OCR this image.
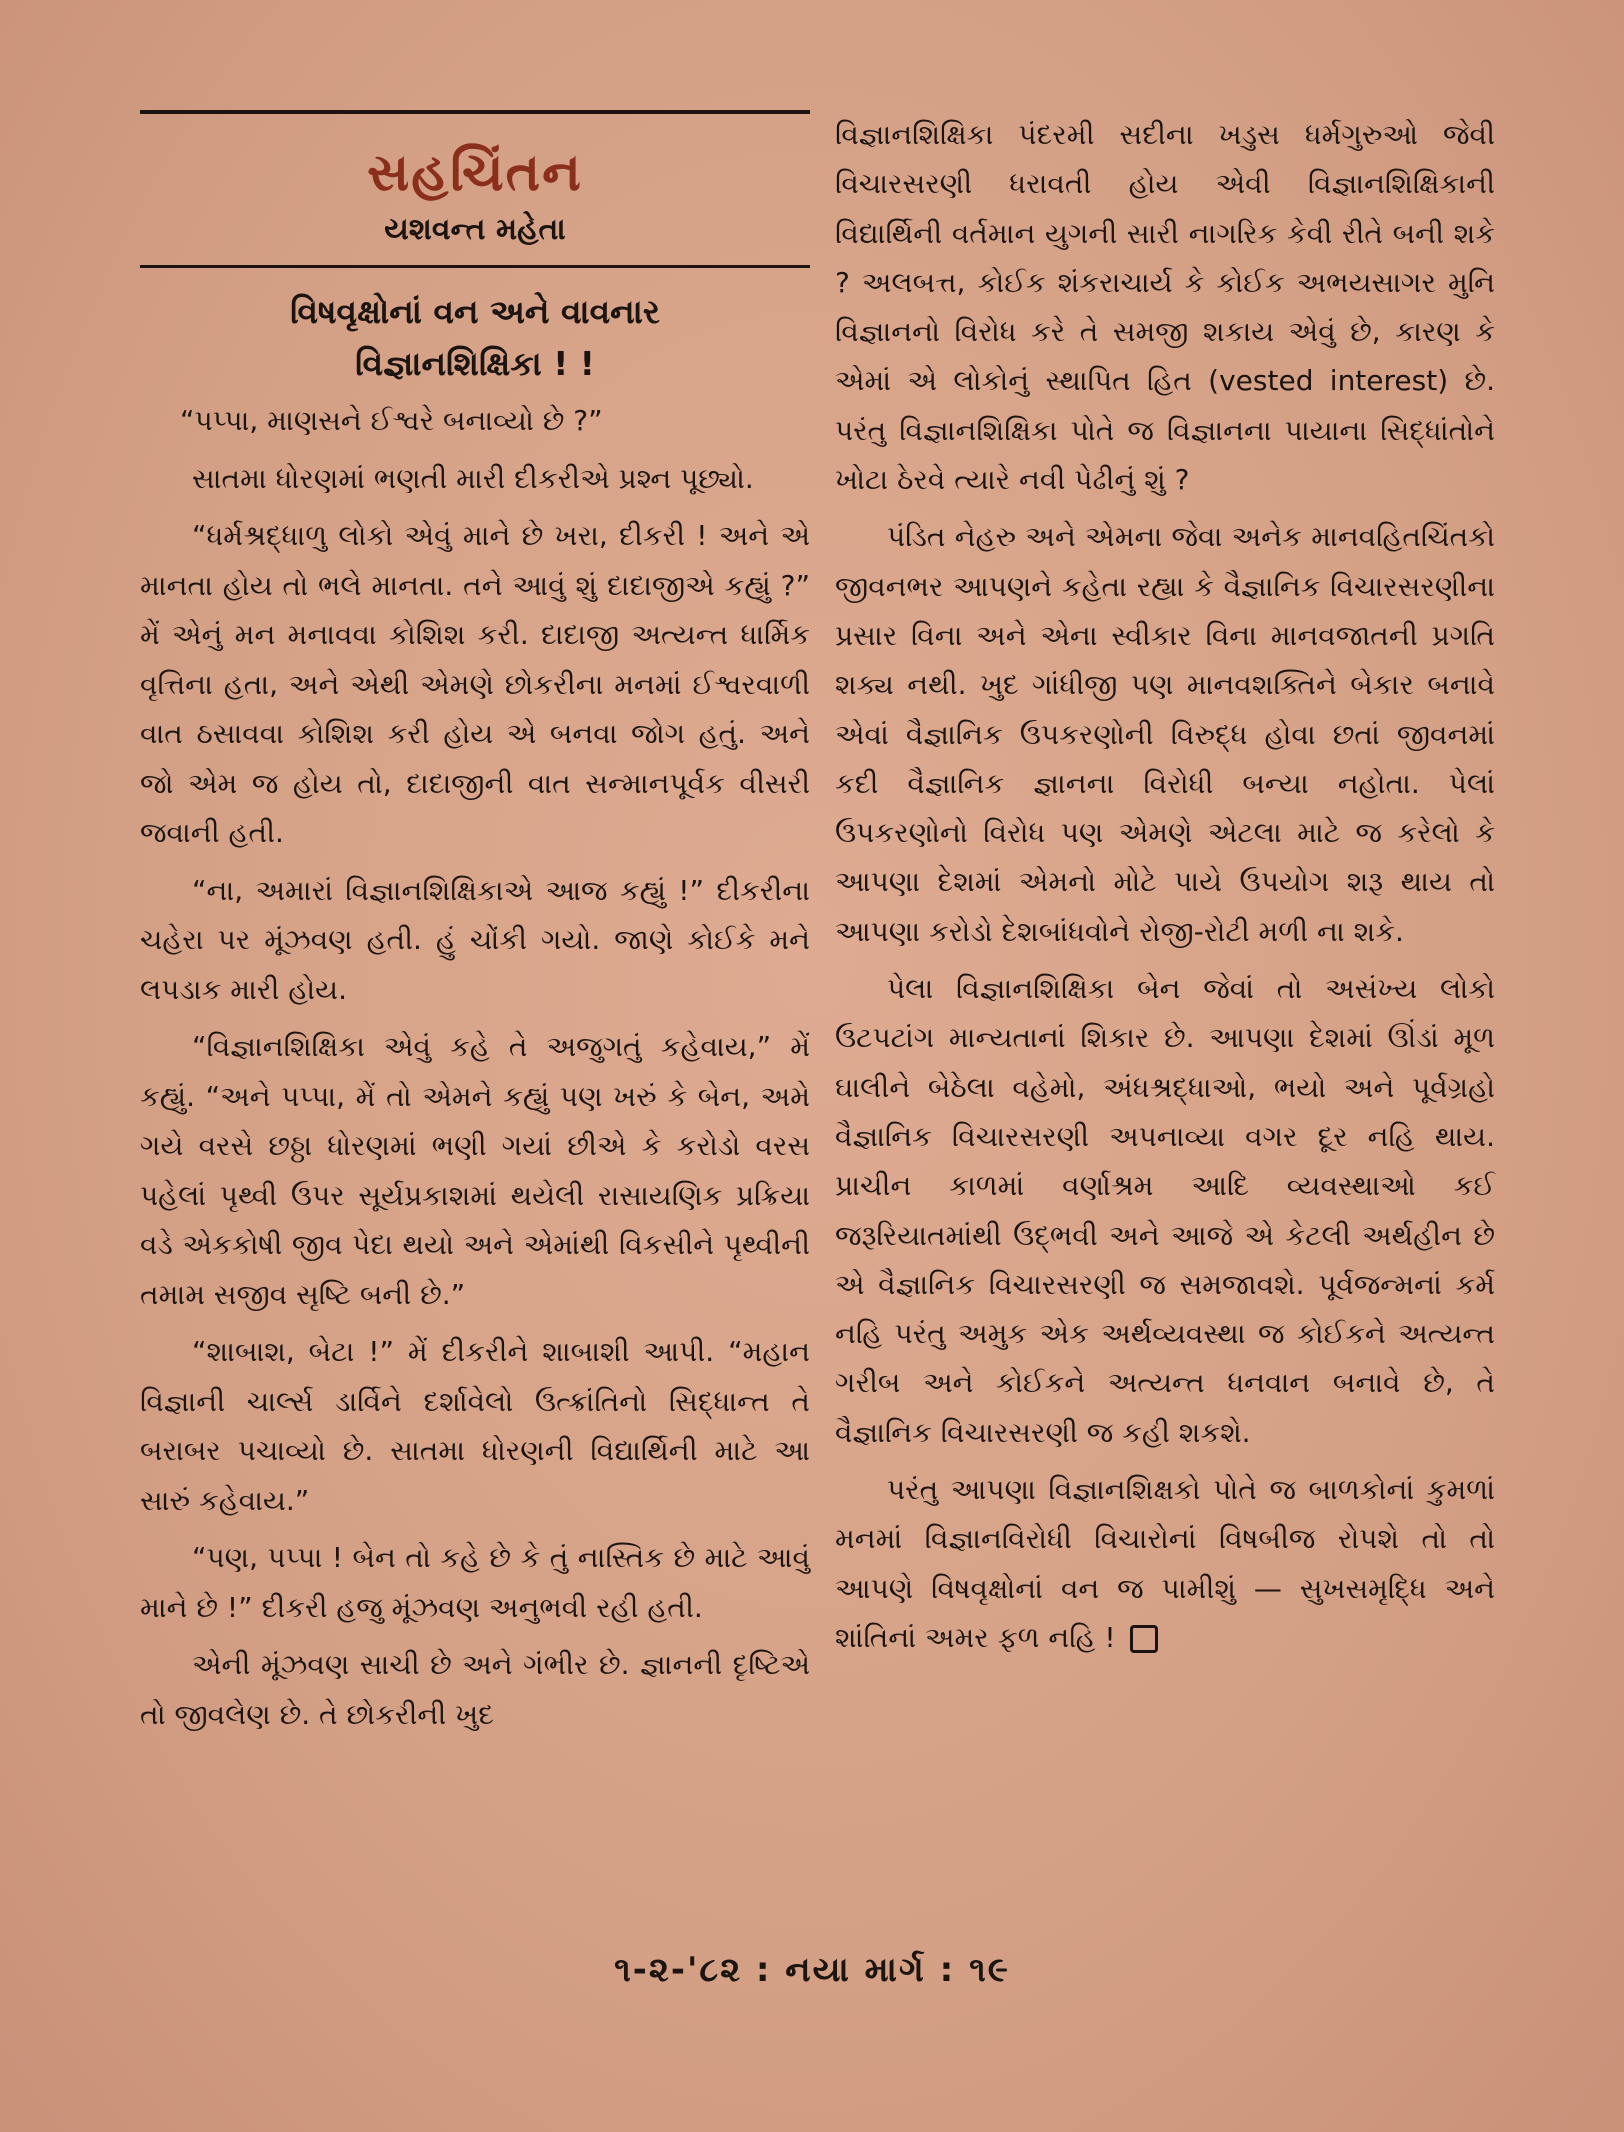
સહચિંતન
યશવન્ત મહેતા
વિષવૃક્ષોનાં વન અને વાવનાર
વિજ્ઞાનશિક્ષિકા ! !

“પપ્પા, માણસને ઈશ્વરે બનાવ્યો છે ?”

સાતમા ધોરણમાં ભણતી મારી દીકરીએ પ્રશ્ન પૂછ્યો.

“ધર્મશ્રદ્ધાળુ લોકો એવું માને છે ખરા, દીકરી ! અને એ માનતા હોય તો ભલે માનતા. તને આવું શું દાદાજીએ કહ્યું ?” મેં એનું મન મનાવવા કોશિશ કરી. દાદાજી અત્યન્ત ધાર્મિક વૃત્તિના હતા, અને એથી એમણે છોકરીના મનમાં ઈશ્વરવાળી વાત ઠસાવવા કોશિશ કરી હોય એ બનવા જોગ હતું. અને જો એમ જ હોય તો, દાદાજીની વાત સન્માનપૂર્વક વીસરી જવાની હતી.

“ના, અમારાં વિજ્ઞાનશિક્ષિકાએ આજ કહ્યું !” દીકરીના ચહેરા પર મૂંઝવણ હતી. હું ચોંકી ગયો. જાણે કોઈકે મને લપડાક મારી હોય.

“વિજ્ઞાનશિક્ષિકા એવું કહે તે અજુગતું કહેવાય,” મેં કહ્યું. “અને પપ્પા, મેં તો એમને કહ્યું પણ ખરું કે બેન, અમે ગયે વરસે છઠ્ઠા ધોરણમાં ભણી ગયાં છીએ કે કરોડો વરસ પહેલાં પૃથ્વી ઉપર સૂર્યપ્રકાશમાં થયેલી રાસાયણિક પ્રક્રિયા વડે એકકોષી જીવ પેદા થયો અને એમાંથી વિકસીને પૃથ્વીની તમામ સજીવ સૃષ્ટિ બની છે.”

“શાબાશ, બેટા !” મેં દીકરીને શાબાશી આપી. “મહાન વિજ્ઞાની ચાર્લ્સ ડાર્વિને દર્શાવેલો ઉત્ક્રાંતિનો સિદ્ધાન્ત તે બરાબર પચાવ્યો છે. સાતમા ધોરણની વિદ્યાર્થિની માટે આ સારું કહેવાય.”

“પણ, પપ્પા ! બેન તો કહે છે કે તું નાસ્તિક છે માટે આવું માને છે !” દીકરી હજુ મૂંઝવણ અનુભવી રહી હતી.

એની મૂંઝવણ સાચી છે અને ગંભીર છે. જ્ઞાનની દૃષ્ટિએ તો જીવલેણ છે. તે છોકરીની ખુદ

વિજ્ઞાનશિક્ષિકા પંદરમી સદીના ખડુસ ધર્મગુરુઓ જેવી વિચારસરણી ધરાવતી હોય એવી વિજ્ઞાનશિક્ષિકાની વિદ્યાર્થિની વર્તમાન યુગની સારી નાગરિક કેવી રીતે બની શકે ? અલબત્ત, કોઈક શંકરાચાર્ય કે કોઈક અભયસાગર મુનિ વિજ્ઞાનનો વિરોધ કરે તે સમજી શકાય એવું છે, કારણ કે એમાં એ લોકોનું સ્થાપિત હિત (vested interest) છે. પરંતુ વિજ્ઞાનશિક્ષિકા પોતે જ વિજ્ઞાનના પાયાના સિદ્ધાંતોને ખોટા ઠેરવે ત્યારે નવી પેઢીનું શું ?

પંડિત નેહરુ અને એમના જેવા અનેક માનવહિતચિંતકો જીવનભર આપણને કહેતા રહ્યા કે વૈજ્ઞાનિક વિચારસરણીના પ્રસાર વિના અને એના સ્વીકાર વિના માનવજાતની પ્રગતિ શક્ય નથી. ખુદ ગાંધીજી પણ માનવશક્તિને બેકાર બનાવે એવાં વૈજ્ઞાનિક ઉપકરણોની વિરુદ્ધ હોવા છતાં જીવનમાં કદી વૈજ્ઞાનિક જ્ઞાનના વિરોધી બન્યા નહોતા. પેલાં ઉપકરણોનો વિરોધ પણ એમણે એટલા માટે જ કરેલો કે આપણા દેશમાં એમનો મોટે પાયે ઉપયોગ શરૂ થાય તો આપણા કરોડો દેશબાંધવોને રોજી-રોટી મળી ના શકે.

પેલા વિજ્ઞાનશિક્ષિકા બેન જેવાં તો અસંખ્ય લોકો ઉટપટાંગ માન્યતાનાં શિકાર છે. આપણા દેશમાં ઊંડાં મૂળ ઘાલીને બેઠેલા વહેમો, અંધશ્રદ્ધાઓ, ભયો અને પૂર્વગ્રહો વૈજ્ઞાનિક વિચારસરણી અપનાવ્યા વગર દૂર નહિ થાય. પ્રાચીન કાળમાં વર્ણાશ્રમ આદિ વ્યવસ્થાઓ કઈ જરૂરિયાતમાંથી ઉદ્ભવી અને આજે એ કેટલી અર્થહીન છે એ વૈજ્ઞાનિક વિચારસરણી જ સમજાવશે. પૂર્વજન્મનાં કર્મ નહિ પરંતુ અમુક એક અર્થવ્યવસ્થા જ કોઈકને અત્યન્ત ગરીબ અને કોઈકને અત્યન્ત ધનવાન બનાવે છે, તે વૈજ્ઞાનિક વિચારસરણી જ કહી શકશે.

પરંતુ આપણા વિજ્ઞાનશિક્ષકો પોતે જ બાળકોનાં કુમળાં મનમાં વિજ્ઞાનવિરોધી વિચારોનાં વિષબીજ રોપશે તો તો આપણે વિષવૃક્ષોનાં વન જ પામીશું — સુખસમૃદ્ધિ અને શાંતિનાં અમર ફળ નહિ !

૧-૨-'૮૨ : નયા માર્ગ : ૧૯
